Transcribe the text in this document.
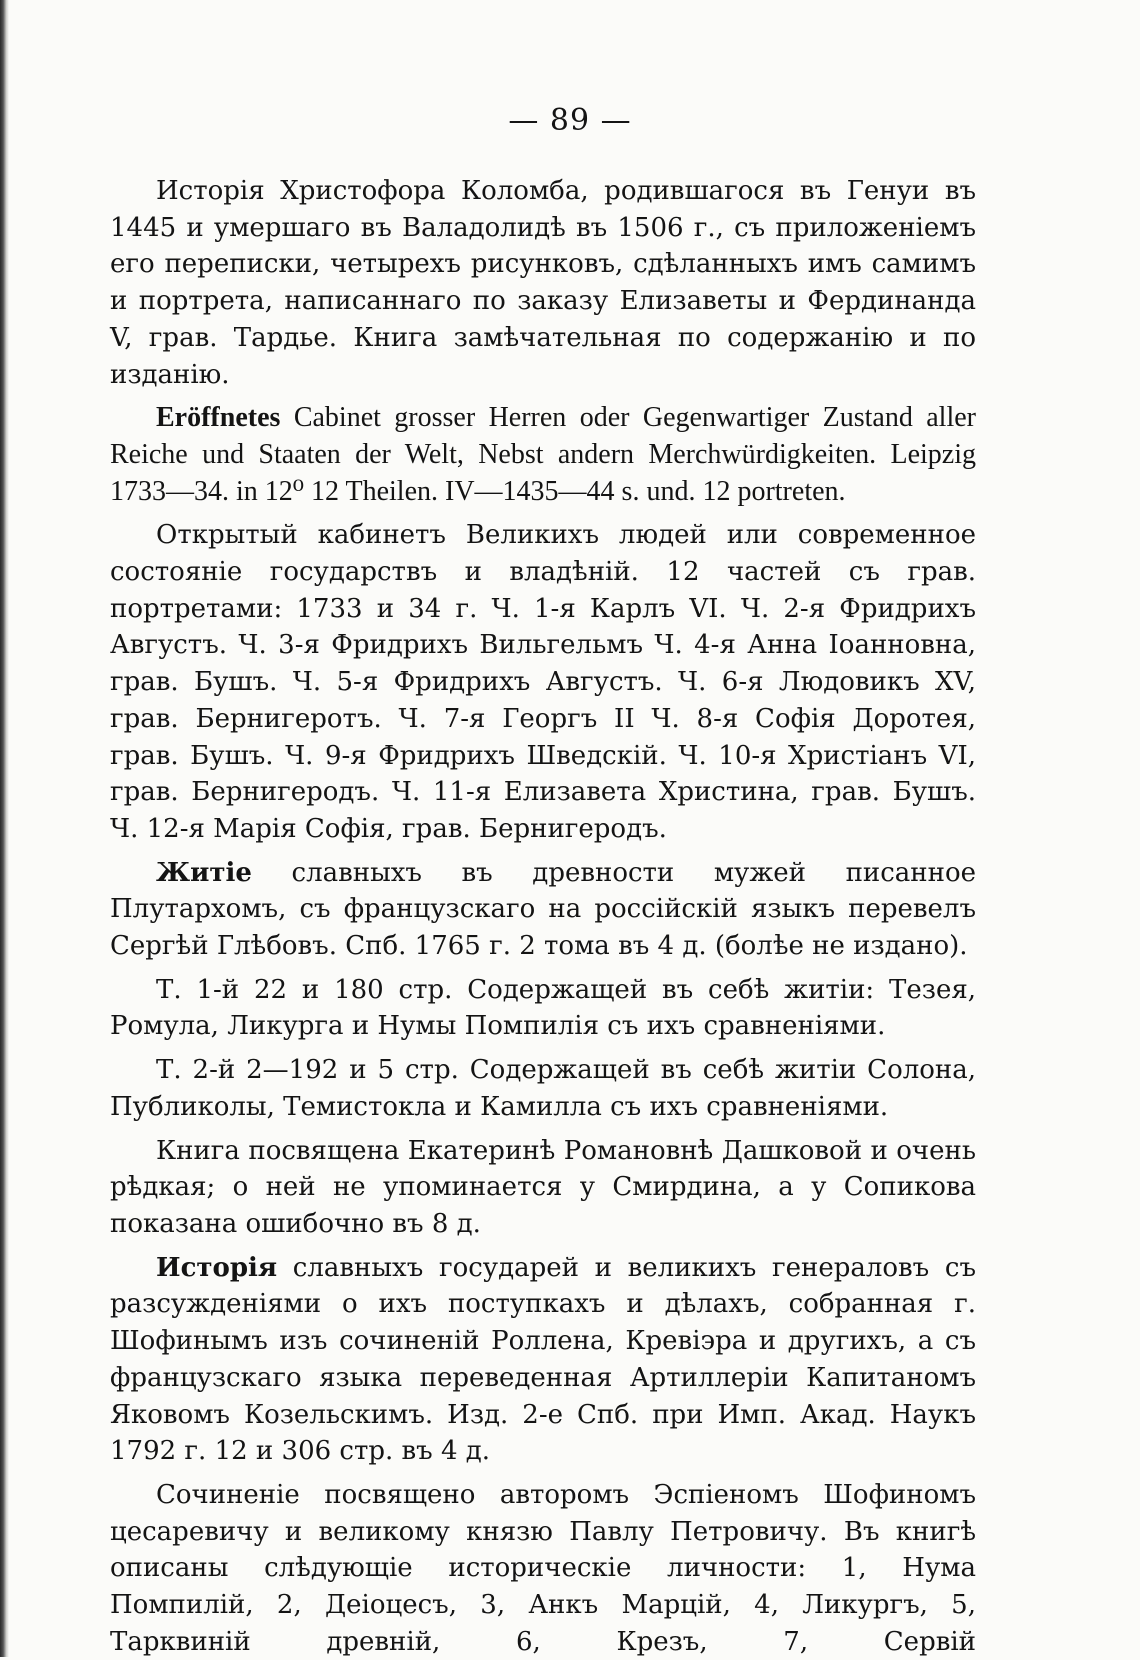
— 89 —

Исторія Христофора Коломба, родившагося въ Генуи въ 1445 и умершаго въ Валадолидѣ въ 1506 г., съ приложеніемъ его переписки, четырехъ рисунковъ, сдѣланныхъ имъ самимъ и портрета, написаннаго по заказу Елизаветы и Фердинанда V, грав. Тардье. Книга замѣчательная по содержанію и по изданію.

Eröffnetes Cabinet grosser Herren oder Gegenwartiger Zustand aller Reiche und Staaten der Welt, Nebst andern Merchwürdigkeiten. Leipzig 1733—34. in 12⁰ 12 Theilen. IV—1435—44 s. und. 12 portreten.

Открытый кабинетъ Великихъ людей или современное состояніе государствъ и владѣній. 12 частей съ грав. портретами: 1733 и 34 г. Ч. 1-я Карлъ VI. Ч. 2-я Фридрихъ Августъ. Ч. 3-я Фридрихъ Вильгельмъ Ч. 4-я Анна Іоанновна, грав. Бушъ. Ч. 5-я Фридрихъ Августъ. Ч. 6-я Людовикъ XV, грав. Бернигеротъ. Ч. 7-я Георгъ II Ч. 8-я Софія Доротея, грав. Бушъ. Ч. 9-я Фридрихъ Шведскій. Ч. 10-я Христіанъ VI, грав. Бернигеродъ. Ч. 11-я Елизавета Христина, грав. Бушъ. Ч. 12-я Марія Софія, грав. Бернигеродъ.

Житіе славныхъ въ древности мужей писанное Плутархомъ, съ французскаго на россійскій языкъ перевелъ Сергѣй Глѣбовъ. Спб. 1765 г. 2 тома въ 4 д. (болѣе не издано).

Т. 1-й 22 и 180 стр. Содержащей въ себѣ житіи: Тезея, Ромула, Ликурга и Нумы Помпилія съ ихъ сравненіями.

Т. 2-й 2—192 и 5 стр. Содержащей въ себѣ житіи Солона, Публиколы, Темистокла и Камилла съ ихъ сравненіями.

Книга посвящена Екатеринѣ Романовнѣ Дашковой и очень рѣдкая; о ней не упоминается у Смирдина, а у Сопикова показана ошибочно въ 8 д.

Исторія славныхъ государей и великихъ генераловъ съ разсужденіями о ихъ поступкахъ и дѣлахъ, собранная г. Шофинымъ изъ сочиненій Роллена, Кревіэра и другихъ, а съ французскаго языка переведенная Артиллеріи Капитаномъ Яковомъ Козельскимъ. Изд. 2-е Спб. при Имп. Акад. Наукъ 1792 г. 12 и 306 стр. въ 4 д.

Сочиненіе посвящено авторомъ Эспіеномъ Шофиномъ цесаревичу и великому князю Павлу Петровичу. Въ книгѣ описаны слѣдующіе историческіе личности: 1, Нума Помпилій, 2, Деіоцесъ, 3, Анкъ Марцій, 4, Ликургъ, 5, Тарквиній древній, 6, Крезъ, 7, Сервій
